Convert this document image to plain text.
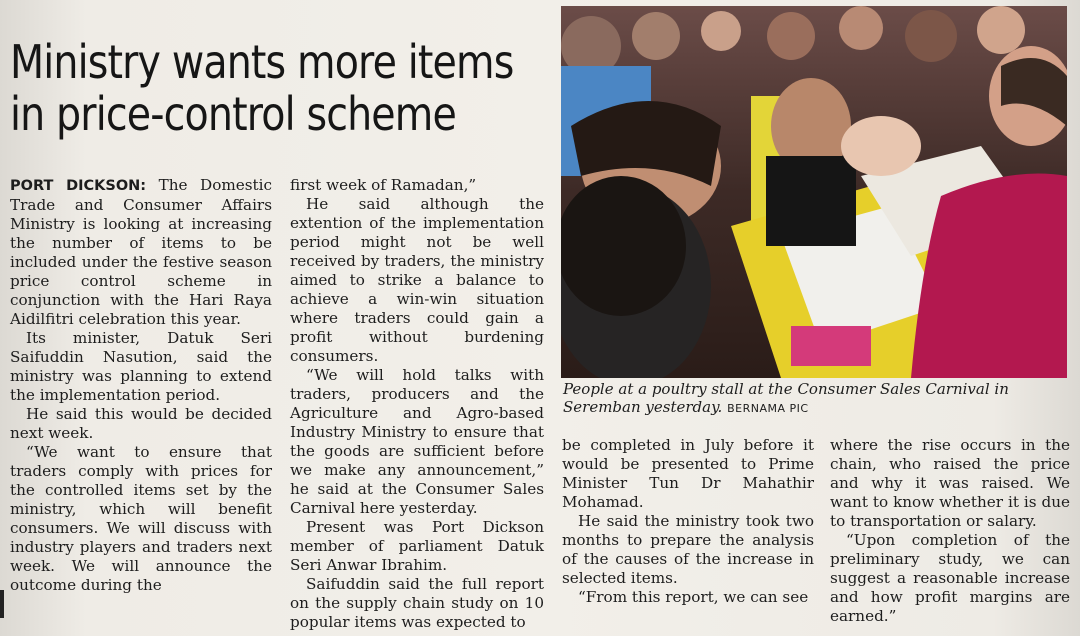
Ministry wants more items
in price-control scheme

PORT DICKSON: The Domestic Trade and Consumer Affairs Ministry is looking at increasing the number of items to be included under the festive season price control scheme in conjunction with the Hari Raya Aidilfitri celebration this year.

Its minister, Datuk Seri Saifuddin Nasution, said the ministry was planning to extend the implementation period.

He said this would be decided next week.

“We want to ensure that traders comply with prices for the controlled items set by the ministry, which will benefit consumers. We will discuss with industry players and traders next week. We will announce the outcome during the

first week of Ramadan,”

He said although the extention of the implementation period might not be well received by traders, the ministry aimed to strike a balance to achieve a win-win situation where traders could gain a profit without burdening consumers.

“We will hold talks with traders, producers and the Agriculture and Agro-based Industry Ministry to ensure that the goods are sufficient before we make any announcement,” he said at the Consumer Sales Carnival here yesterday.

Present was Port Dickson member of parliament Datuk Seri Anwar Ibrahim.

Saifuddin said the full report on the supply chain study on 10 popular items was expected to

People at a poultry stall at the Consumer Sales Carnival in Seremban yesterday. BERNAMA PIC

be completed in July before it would be presented to Prime Minister Tun Dr Mahathir Mohamad.

He said the ministry took two months to prepare the analysis of the causes of the increase in selected items.

“From this report, we can see

where the rise occurs in the chain, who raised the price and why it was raised. We want to know whether it is due to transportation or salary.

“Upon completion of the preliminary study, we can suggest a reasonable increase and how profit margins are earned.”
